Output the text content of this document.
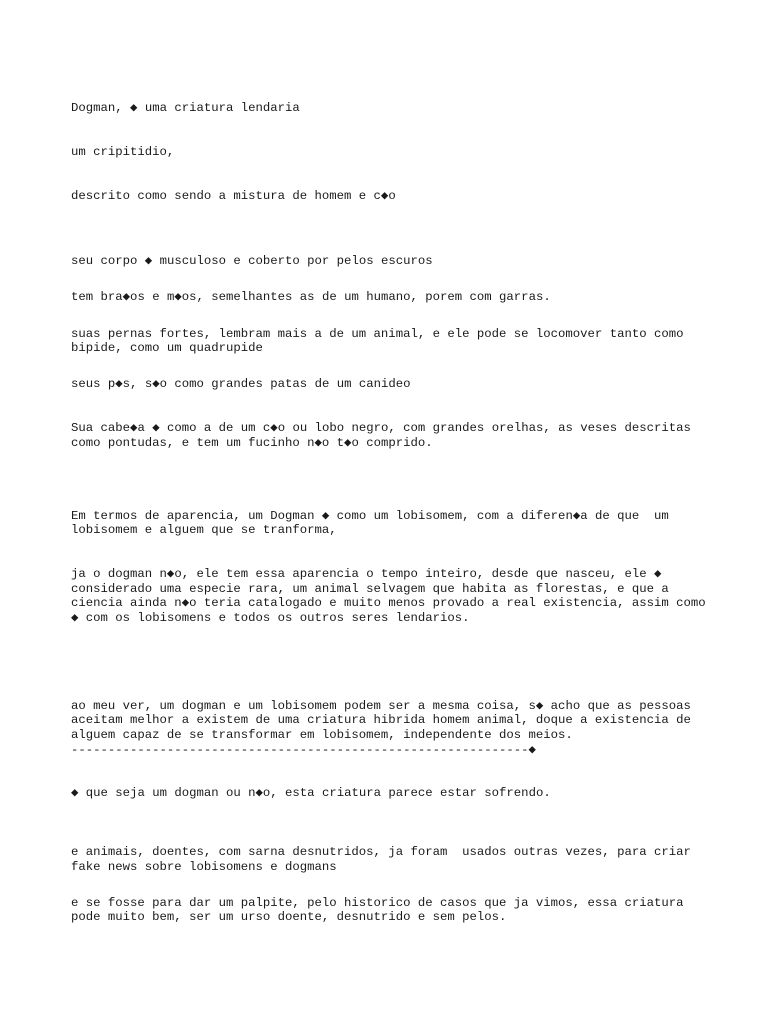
Dogman, ◆ uma criatura lendaria

um cripitidio,

descrito como sendo a mistura de homem e c◆o

seu corpo ◆ musculoso e coberto por pelos escuros
tem bra◆os e m◆os, semelhantes as de um humano, porem com garras.
suas pernas fortes, lembram mais a de um animal, e ele pode se locomover tanto como bipide, como um quadrupide
seus p◆s, s◆o como grandes patas de um canideo
Sua cabe◆a ◆ como a de um c◆o ou lobo negro, com grandes orelhas, as veses descritas como pontudas, e tem um fucinho n◆o t◆o comprido.

Em termos de aparencia, um Dogman ◆ como um lobisomem, com a diferen◆a de que  um lobisomem e alguem que se tranforma,

ja o dogman n◆o, ele tem essa aparencia o tempo inteiro, desde que nasceu, ele ◆ considerado uma especie rara, um animal selvagem que habita as florestas, e que a ciencia ainda n◆o teria catalogado e muito menos provado a real existencia, assim como ◆ com os lobisomens e todos os outros seres lendarios.

ao meu ver, um dogman e um lobisomem podem ser a mesma coisa, s◆ acho que as pessoas aceitam melhor a existem de uma criatura hibrida homem animal, doque a existencia de alguem capaz de se transformar em lobisomem, independente dos meios.
--------------------------------------------------------------◆
◆ que seja um dogman ou n◆o, esta criatura parece estar sofrendo.
e animais, doentes, com sarna desnutridos, ja foram  usados outras vezes, para criar fake news sobre lobisomens e dogmans
e se fosse para dar um palpite, pelo historico de casos que ja vimos, essa criatura pode muito bem, ser um urso doente, desnutrido e sem pelos.
